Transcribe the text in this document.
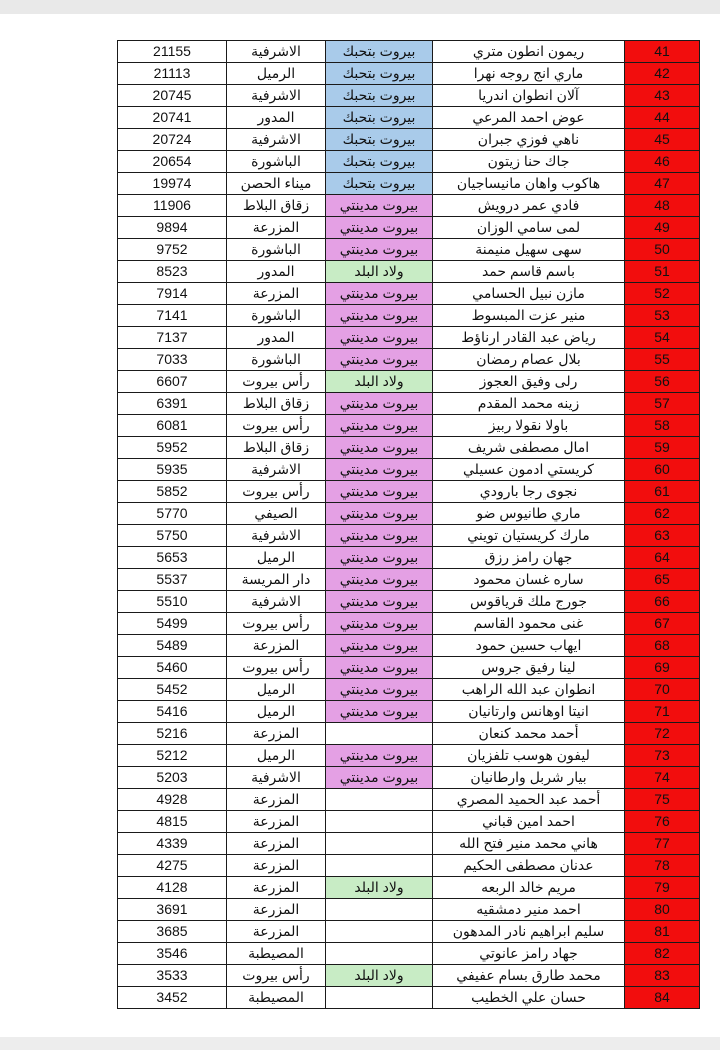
21155	الاشرفية	بيروت بتحبك	ريمون انطون متري	41
21113	الرميل	بيروت بتحبك	ماري انج روجه نهرا	42
20745	الاشرفية	بيروت بتحبك	آلان انطوان اندريا	43
20741	المدور	بيروت بتحبك	عوض احمد المرعي	44
20724	الاشرفية	بيروت بتحبك	ناهي فوزي جبران	45
20654	الباشورة	بيروت بتحبك	جاك حنا زيتون	46
19974	ميناء الحصن	بيروت بتحبك	هاكوب واهان مانيساجيان	47
11906	زقاق البلاط	بيروت مدينتي	فادي عمر درويش	48
9894	المزرعة	بيروت مدينتي	لمى سامي الوزان	49
9752	الباشورة	بيروت مدينتي	سهى سهيل منيمنة	50
8523	المدور	ولاد البلد	باسم قاسم حمد	51
7914	المزرعة	بيروت مدينتي	مازن نبيل الحسامي	52
7141	الباشورة	بيروت مدينتي	منير عزت المبسوط	53
7137	المدور	بيروت مدينتي	رياض عبد القادر ارناؤط	54
7033	الباشورة	بيروت مدينتي	بلال عصام رمضان	55
6607	رأس بيروت	ولاد البلد	رلى وفيق العجوز	56
6391	زقاق البلاط	بيروت مدينتي	زينه محمد المقدم	57
6081	رأس بيروت	بيروت مدينتي	باولا نقولا ربيز	58
5952	زقاق البلاط	بيروت مدينتي	امال مصطفى شريف	59
5935	الاشرفية	بيروت مدينتي	كريستي ادمون عسيلي	60
5852	رأس بيروت	بيروت مدينتي	نجوى رجا بارودي	61
5770	الصيفي	بيروت مدينتي	ماري طانيوس ضو	62
5750	الاشرفية	بيروت مدينتي	مارك كريستيان تويني	63
5653	الرميل	بيروت مدينتي	جهان رامز رزق	64
5537	دار المريسة	بيروت مدينتي	ساره غسان محمود	65
5510	الاشرفية	بيروت مدينتي	جورج ملك قرياقوس	66
5499	رأس بيروت	بيروت مدينتي	غنى محمود القاسم	67
5489	المزرعة	بيروت مدينتي	ايهاب حسين حمود	68
5460	رأس بيروت	بيروت مدينتي	لينا رفيق جروس	69
5452	الرميل	بيروت مدينتي	انطوان عبد الله الراهب	70
5416	الرميل	بيروت مدينتي	انيتا اوهانس وارتانيان	71
5216	المزرعة		أحمد محمد كنعان	72
5212	الرميل	بيروت مدينتي	ليفون هوسب تلفزيان	73
5203	الاشرفية	بيروت مدينتي	بيار شربل وارطانيان	74
4928	المزرعة		أحمد عبد الحميد المصري	75
4815	المزرعة		احمد امين قباني	76
4339	المزرعة		هاني محمد منير فتح الله	77
4275	المزرعة		عدنان مصطفى الحكيم	78
4128	المزرعة	ولاد البلد	مريم خالد الربعه	79
3691	المزرعة		احمد منير دمشقيه	80
3685	المزرعة		سليم ابراهيم نادر المدهون	81
3546	المصيطبة		جهاد رامز عانوتي	82
3533	رأس بيروت	ولاد البلد	محمد طارق بسام عفيفي	83
3452	المصيطبة		حسان علي الخطيب	84
